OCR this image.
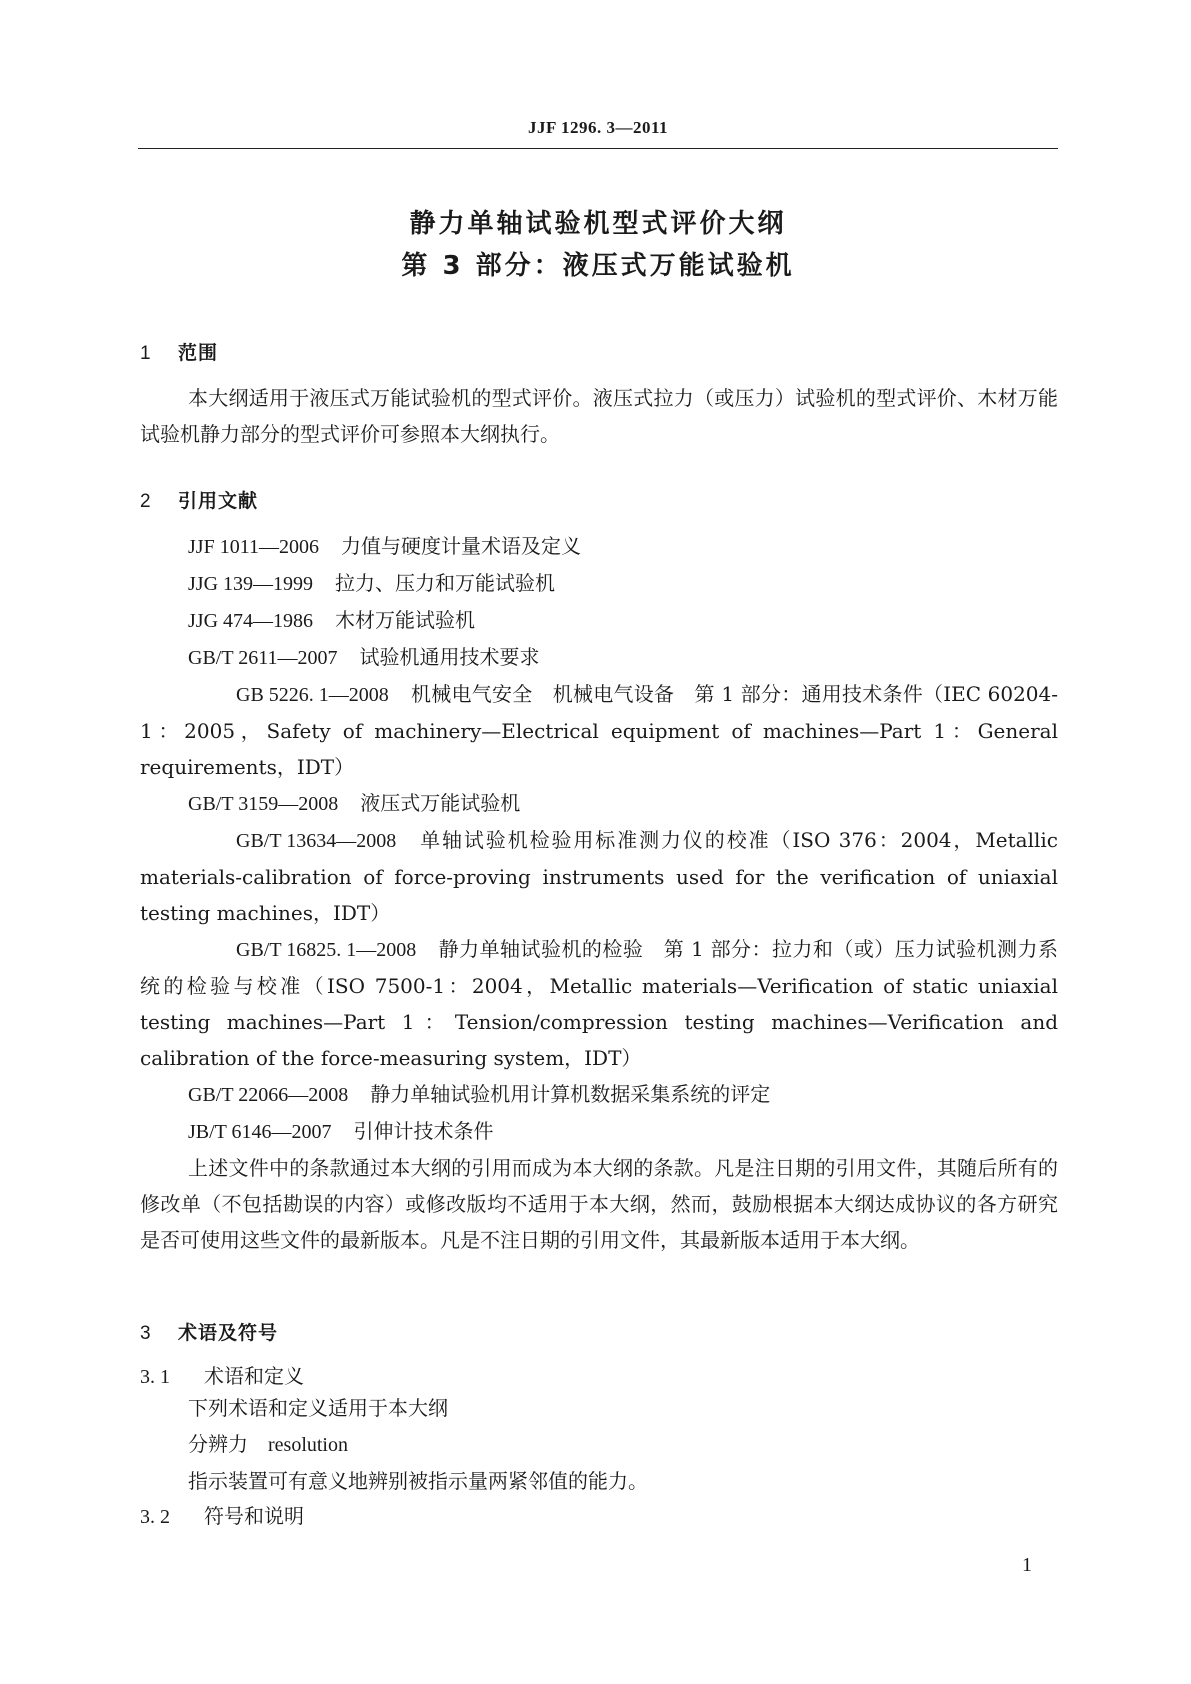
JJF 1296. 3—2011
静力单轴试验机型式评价大纲
第 3 部分：液压式万能试验机
1 范围

本大纲适用于液压式万能试验机的型式评价。液压式拉力（或压力）试验机的型式评价、木材万能试验机静力部分的型式评价可参照本大纲执行。

2 引用文献

JJF 1011—2006 力值与硬度计量术语及定义

JJG 139—1999 拉力、压力和万能试验机

JJG 474—1986 木材万能试验机

GB/T 2611—2007 试验机通用技术要求

GB 5226. 1—2008 机械电气安全　机械电气设备　第 1 部分：通用技术条件（IEC 60204-1：2005，Safety of machinery—Electrical equipment of machines—Part 1：General requirements，IDT）

GB/T 3159—2008 液压式万能试验机

GB/T 13634—2008 单轴试验机检验用标准测力仪的校准（ISO 376：2004，Metallic materials-calibration of force-proving instruments used for the verification of uniaxial testing machines，IDT）

GB/T 16825. 1—2008 静力单轴试验机的检验　第 1 部分：拉力和（或）压力试验机测力系统的检验与校准（ISO 7500-1：2004，Metallic materials—Verification of static uniaxial testing machines—Part 1：Tension/compression testing machines—Verification and calibration of the force-measuring system，IDT）

GB/T 22066—2008 静力单轴试验机用计算机数据采集系统的评定

JB/T 6146—2007 引伸计技术条件

上述文件中的条款通过本大纲的引用而成为本大纲的条款。凡是注日期的引用文件，其随后所有的修改单（不包括勘误的内容）或修改版均不适用于本大纲，然而，鼓励根据本大纲达成协议的各方研究是否可使用这些文件的最新版本。凡是不注日期的引用文件，其最新版本适用于本大纲。

3 术语及符号
3. 1 术语和定义

下列术语和定义适用于本大纲

分辨力 resolution

指示装置可有意义地辨别被指示量两紧邻值的能力。

3. 2 符号和说明
1
